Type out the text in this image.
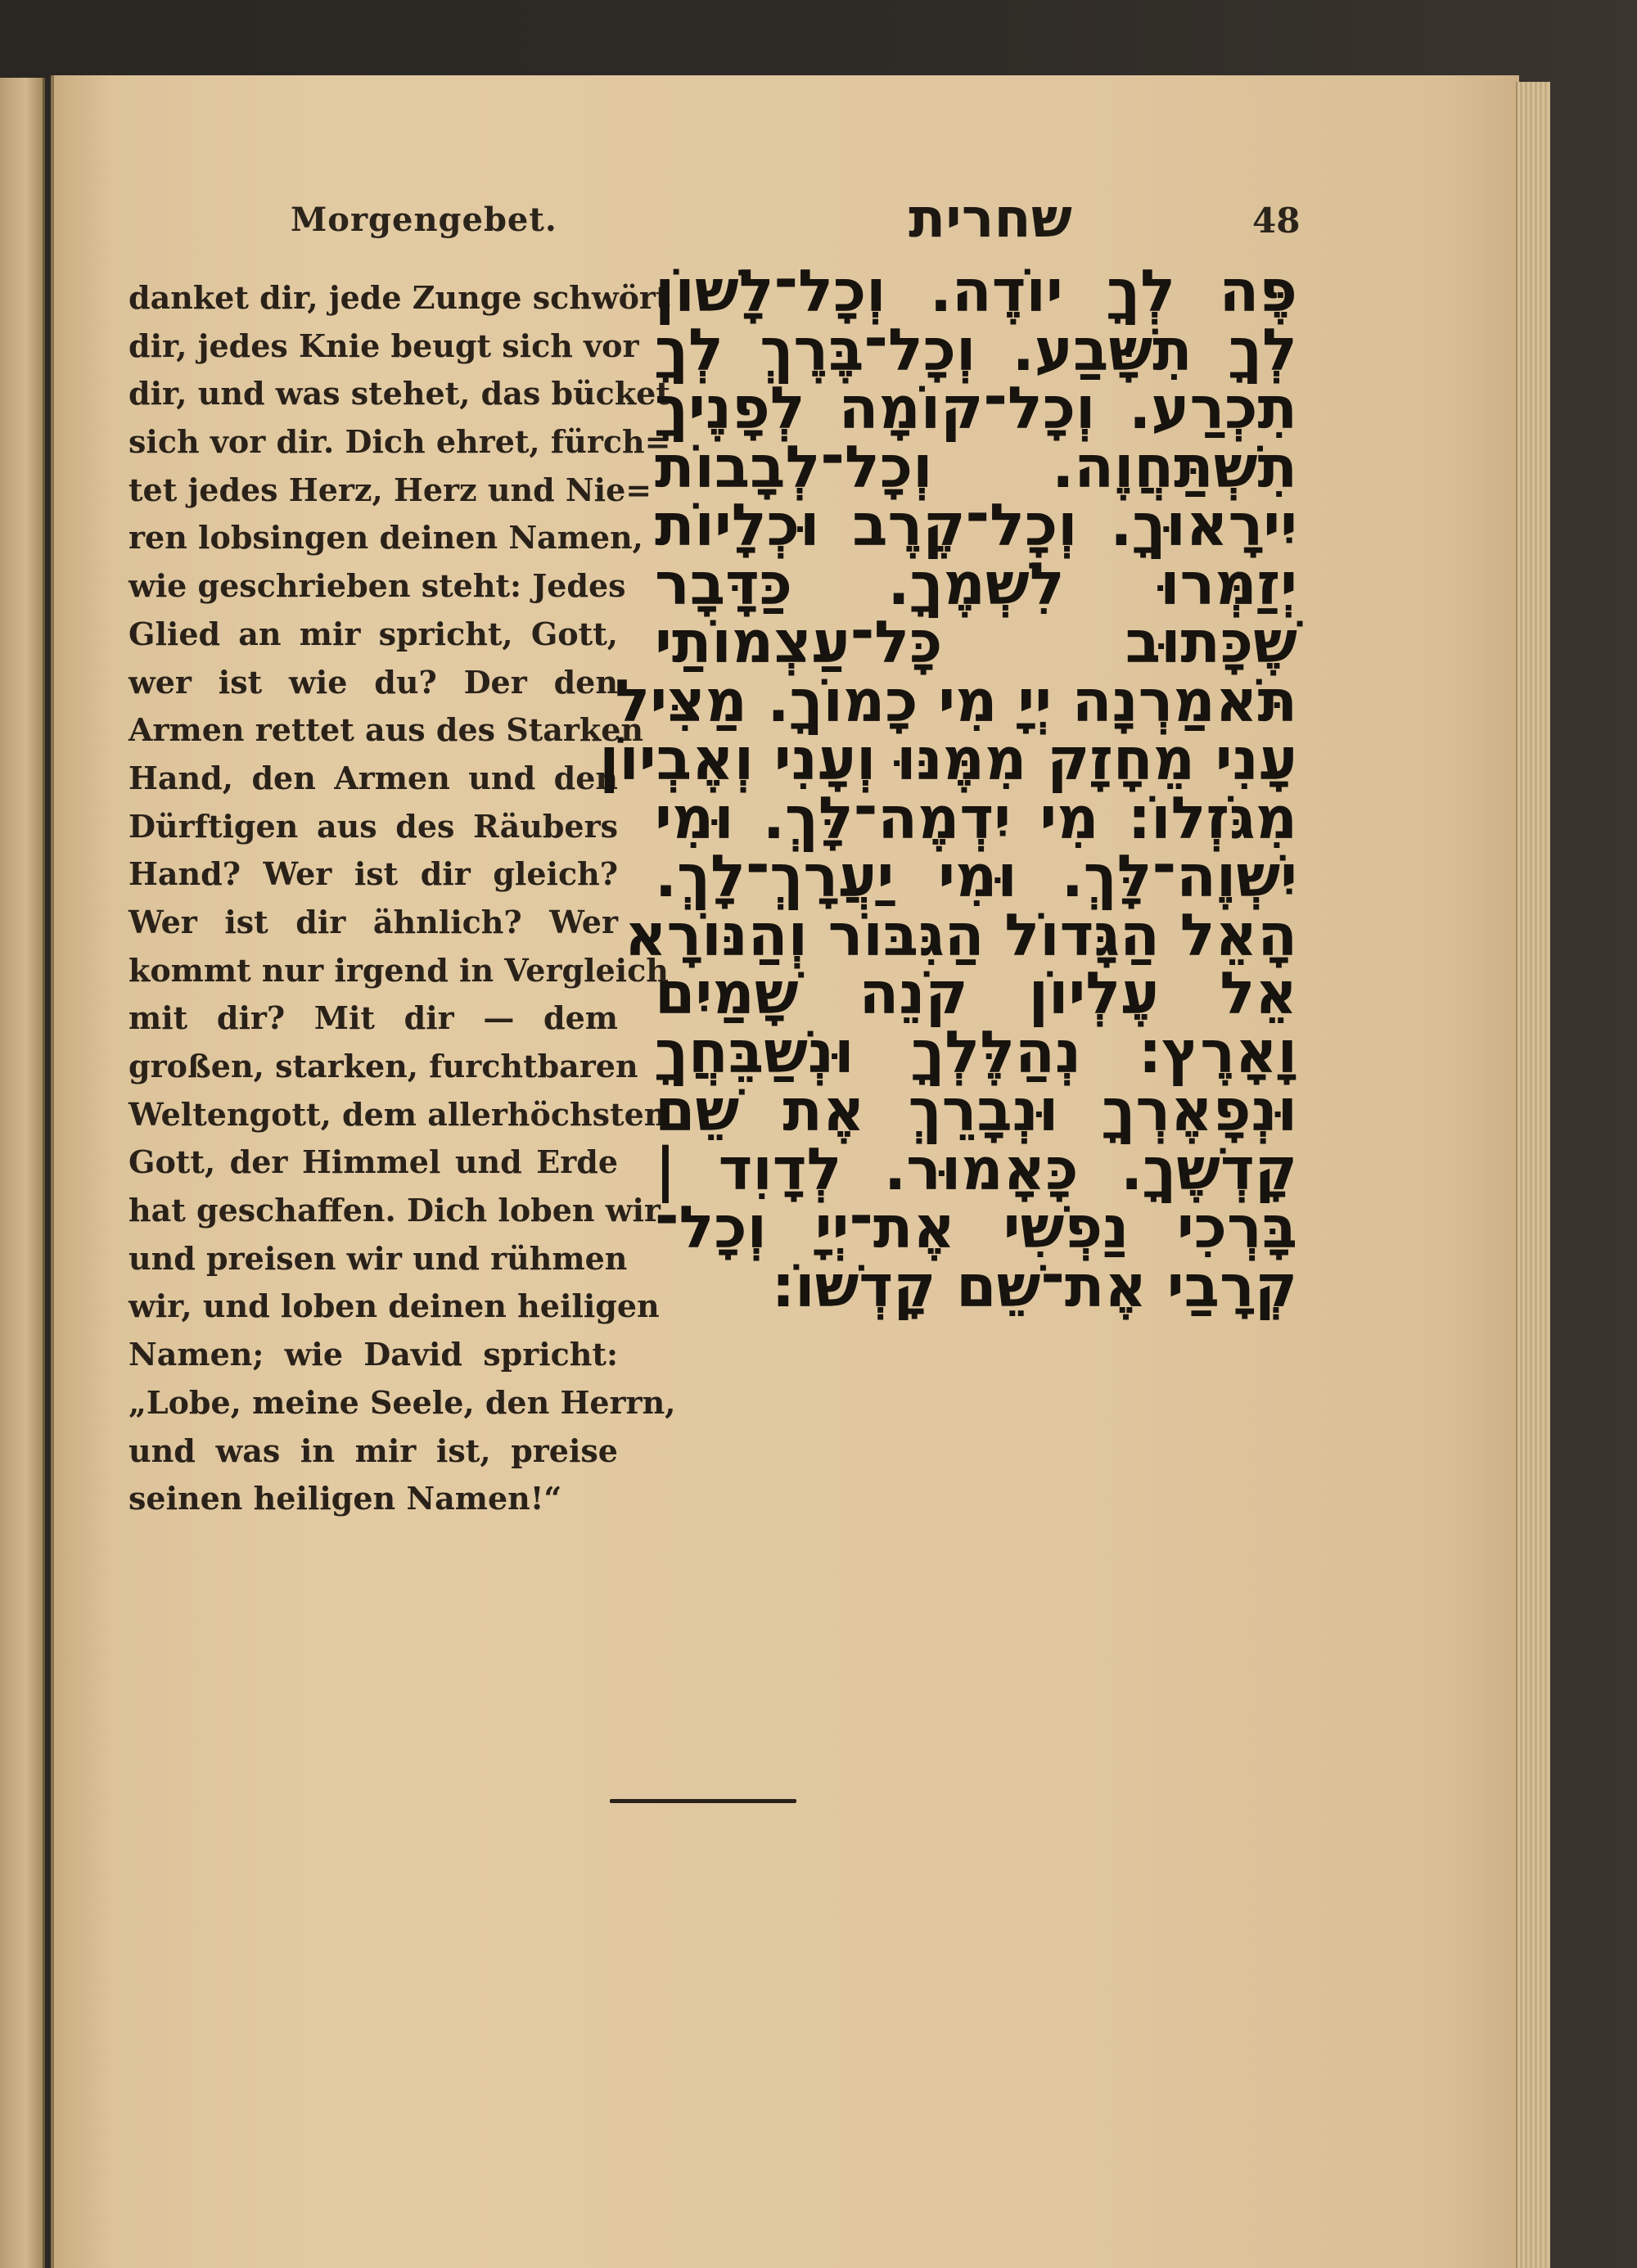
Morgengebet.	שחרית	48
danket dir, jede Zunge schwört
dir, jedes Knie beugt sich vor
dir, und was stehet, das bücket
sich vor dir. Dich ehret, fürch=
tet jedes Herz, Herz und Nie=
ren lobsingen deinen Namen,
wie geschrieben steht: Jedes
Glied an mir spricht, Gott,
wer ist wie du? Der den
Armen rettet aus des Starken
Hand, den Armen und den
Dürftigen aus des Räubers
Hand? Wer ist dir gleich?
Wer ist dir ähnlich? Wer
kommt nur irgend in Vergleich
mit dir? Mit dir — dem
großen, starken, furchtbaren
Weltengott, dem allerhöchsten
Gott, der Himmel und Erde
hat geschaffen. Dich loben wir
und preisen wir und rühmen
wir, und loben deinen heiligen
Namen; wie David spricht:
„Lobe, meine Seele, den Herrn,
und was in mir ist, preise
seinen heiligen Namen!“
פֶּה לְךָ יוֹדֶה. וְכָל־לָשׁוֹן
לְךָ תִשָּׁבַע. וְכָל־בֶּרֶךְ לְךָ
תִכְרַע. וְכָל־קוֹמָה לְפָנֶיךָ
תִשְׁתַּחֲוֶה. וְכָל־לְבָבוֹת
יִירָאוּךָ. וְכָל־קֶרֶב וּכְלָיוֹת
יְזַמְּרוּ לִשְׁמֶךָ. כַּדָּבָר
שֶׁכָּתוּב כָּל־עַצְמוֹתַי
תֹּאמַרְנָה יְיָ מִי כָמוֹךָ. מַצִּיל
עָנִי מֵחָזָק מִמֶּנּוּ וְעָנִי וְאֶבְיוֹן
מִגֹּזְלוֹ: מִי יִדְמֶה־לָּךְ. וּמִי
יִשְׁוֶה־לָּךְ. וּמִי יַעֲרָךְ־לָךְ.
הָאֵל הַגָּדוֹל הַגִּבּוֹר וְהַנּוֹרָא
אֵל עֶלְיוֹן קֹנֵה שָׁמַיִם
וָאָרֶץ: נְהַלֶּלְךָ וּנְשַׁבֵּחֲךָ
וּנְפָאֶרְךָ וּנְבָרֵךְ אֶת שֵׁם
קָדְשֶׁךָ. כָּאָמוּר. לְדָוִד |
בָּרְכִי נַפְשִׁי אֶת־יְיָ וְכָל־
קְרָבַי אֶת־שֵׁם קָדְשׁוֹ:
